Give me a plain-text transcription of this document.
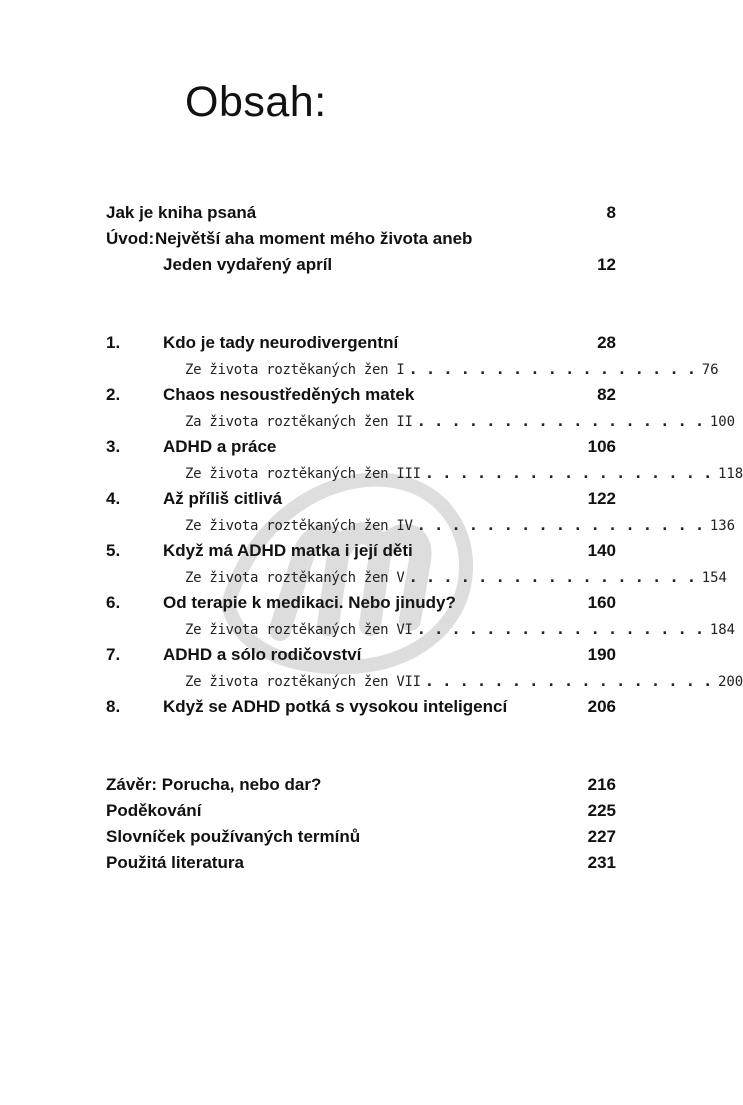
Obsah:
Jak je kniha psaná	8
Úvod: Největší aha moment mého života aneb
Jeden vydařený apríl	12
1.	Kdo je tady neurodivergentní	28
Ze života roztěkaných žen I . . . . . . . . . . . . . . . . . 76
2.	Chaos nesoustředěných matek	82
Za života roztěkaných žen II . . . . . . . . . . . . . . . . . 100
3.	ADHD a práce	106
Ze života roztěkaných žen III . . . . . . . . . . . . . . . . . 118
4.	Až příliš citlivá	122
Ze života roztěkaných žen IV . . . . . . . . . . . . . . . . . 136
5.	Když má ADHD matka i její děti	140
Ze života roztěkaných žen V . . . . . . . . . . . . . . . . . 154
6.	Od terapie k medikaci. Nebo jinudy?	160
Ze života roztěkaných žen VI . . . . . . . . . . . . . . . . . 184
7.	ADHD a sólo rodičovství	190
Ze života roztěkaných žen VII . . . . . . . . . . . . . . . . . 200
8.	Když se ADHD potká s vysokou inteligencí	206
Závěr: Porucha, nebo dar?	216
Poděkování	225
Slovníček používaných termínů	227
Použitá literatura	231
